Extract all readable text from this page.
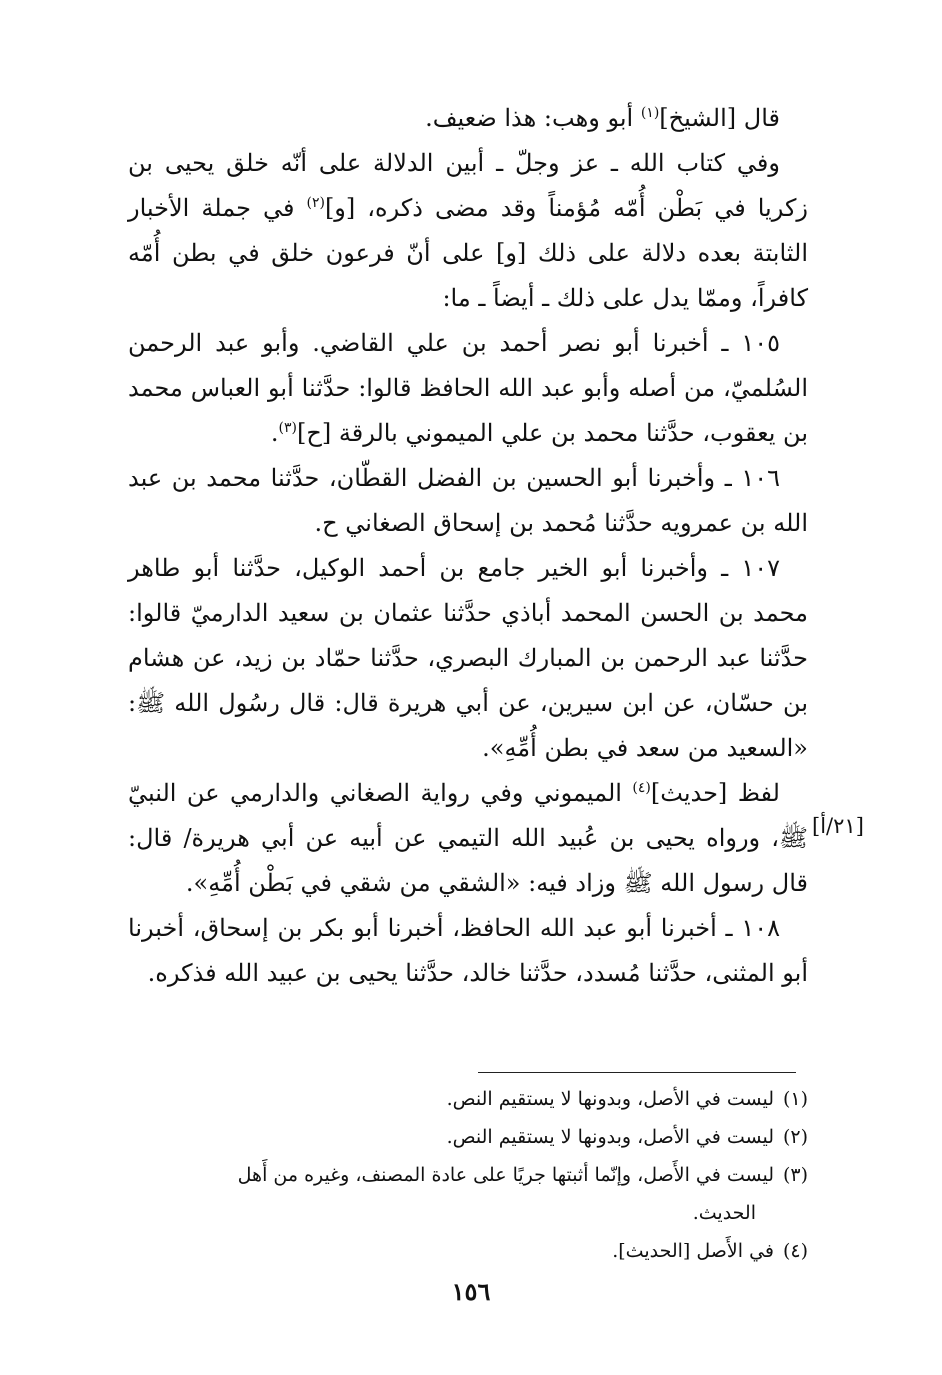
قال [الشيخ]$^{(١)}$ أبو وهب: هذا ضعيف.

وفي كتاب الله ـ عز وجلّ ـ أبين الدلالة على أنّه خلق يحيى بن زكريا في بَطْن أُمّه مُؤمناً وقد مضى ذكره، [و]$^{(٢)}$ في جملة الأخبار الثابتة بعده دلالة على ذلك [و] على أنّ فرعون خلق في بطن أُمّه كافراً، وممّا يدل على ذلك ـ أيضاً ـ ما:

١٠٥ ـ أخبرنا أبو نصر أحمد بن علي القاضي. وأبو عبد الرحمن السُلميّ، من أصله وأبو عبد الله الحافظ قالوا: حدَّثنا أبو العباس محمد بن يعقوب، حدَّثنا محمد بن علي الميموني بالرقة [ح]$^{(٣)}$.

١٠٦ ـ وأخبرنا أبو الحسين بن الفضل القطّان، حدَّثنا محمد بن عبد الله بن عمرويه حدَّثنا مُحمد بن إسحاق الصغاني ح.

١٠٧ ـ وأخبرنا أبو الخير جامع بن أحمد الوكيل، حدَّثنا أبو طاهر محمد بن الحسن المحمد أباذي حدَّثنا عثمان بن سعيد الدارميّ قالوا: حدَّثنا عبد الرحمن بن المبارك البصري، حدَّثنا حمّاد بن زيد، عن هشام بن حسّان، عن ابن سيرين، عن أبي هريرة قال: قال رسُول الله ﷺ: «السعيد من سعد في بطن أُمِّهِ».

لفظ [حديث]$^{(٤)}$ الميموني وفي رواية الصغاني والدارمي عن النبيّ ﷺ، ورواه يحيى بن عُبيد الله التيمي عن أبيه عن أبي هريرة/ قال: قال رسول الله ﷺ وزاد فيه: «الشقي من شقي في بَطْن أُمِّهِ».

١٠٨ ـ أخبرنا أبو عبد الله الحافظ، أخبرنا أبو بكر بن إسحاق، أخبرنا أبو المثنى، حدَّثنا مُسدد، حدَّثنا خالد، حدَّثنا يحيى بن عبيد الله فذكره.

[٢١/أ]

(١)ليست في الأصل، وبدونها لا يستقيم النص.

(٢)ليست في الأصل، وبدونها لا يستقيم النص.

(٣)ليست في الأَصل، وإنّما أثبتها جريًا على عادة المصنف، وغيره من أَهل

الحديث.

(٤)في الأَصل [الحديث].

١٥٦
